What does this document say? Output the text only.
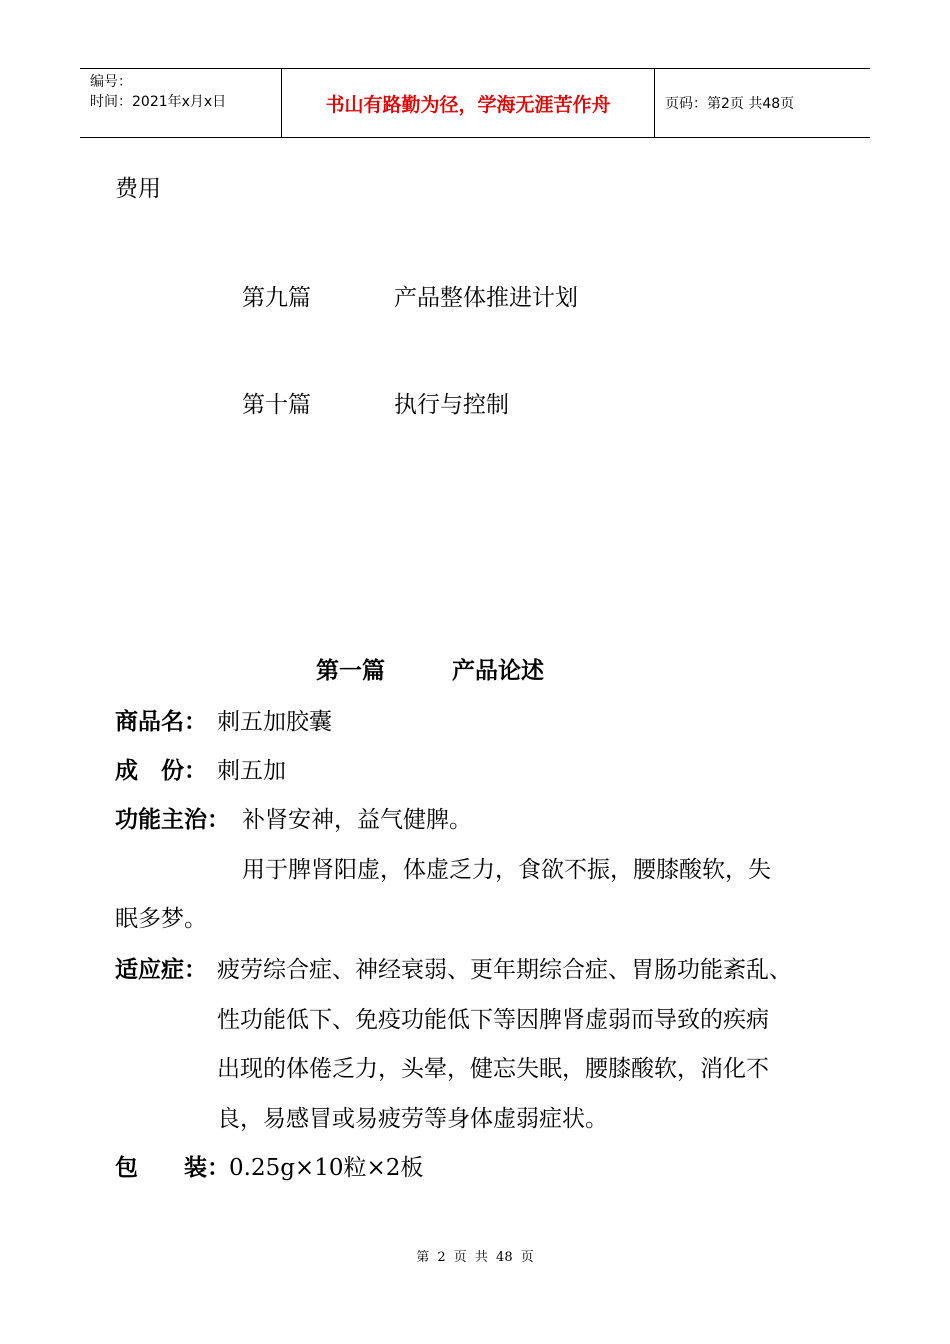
编号：
时间：2021年x月x日	书山有路勤为径，学海无涯苦作舟	页码：第2页 共48页
费用
第九篇	产品整体推进计划
第十篇	执行与控制
第一篇	产品论述
商品名： 刺五加胶囊
成　份： 刺五加
功能主治： 补肾安神，益气健脾。
用于脾肾阳虚，体虚乏力，食欲不振，腰膝酸软，失
眠多梦。
适应症： 疲劳综合症、神经衰弱、更年期综合症、胃肠功能紊乱、
性功能低下、免疫功能低下等因脾肾虚弱而导致的疾病
出现的体倦乏力，头晕，健忘失眠，腰膝酸软，消化不
良，易感冒或易疲劳等身体虚弱症状。
包　　装： 0.25g×10粒×2板
第 2 页 共 48 页
